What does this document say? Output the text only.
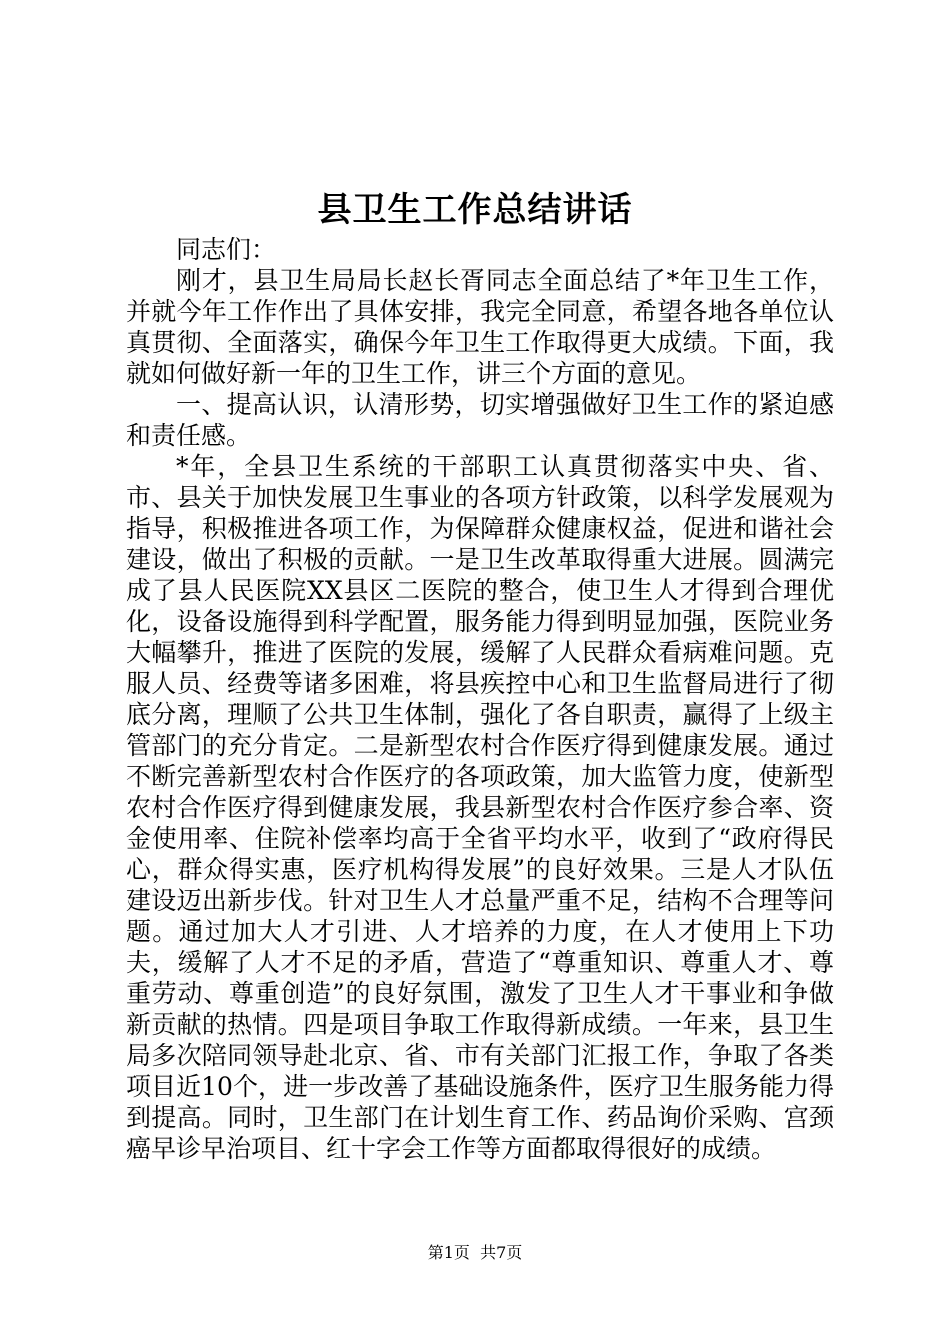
县卫生工作总结讲话

同志们：

刚才，县卫生局局长赵长胥同志全面总结了*年卫生工作，并就今年工作作出了具体安排，我完全同意，希望各地各单位认真贯彻、全面落实，确保今年卫生工作取得更大成绩。下面，我就如何做好新一年的卫生工作，讲三个方面的意见。

一、提高认识，认清形势，切实增强做好卫生工作的紧迫感和责任感。

*年，全县卫生系统的干部职工认真贯彻落实中央、省、市、县关于加快发展卫生事业的各项方针政策，以科学发展观为指导，积极推进各项工作，为保障群众健康权益，促进和谐社会建设，做出了积极的贡献。一是卫生改革取得重大进展。圆满完成了县人民医院XX县区二医院的整合，使卫生人才得到合理优化，设备设施得到科学配置，服务能力得到明显加强，医院业务大幅攀升，推进了医院的发展，缓解了人民群众看病难问题。克服人员、经费等诸多困难，将县疾控中心和卫生监督局进行了彻底分离，理顺了公共卫生体制，强化了各自职责，赢得了上级主管部门的充分肯定。二是新型农村合作医疗得到健康发展。通过不断完善新型农村合作医疗的各项政策，加大监管力度，使新型农村合作医疗得到健康发展，我县新型农村合作医疗参合率、资金使用率、住院补偿率均高于全省平均水平，收到了“政府得民心，群众得实惠，医疗机构得发展”的良好效果。三是人才队伍建设迈出新步伐。针对卫生人才总量严重不足，结构不合理等问题。通过加大人才引进、人才培养的力度，在人才使用上下功夫，缓解了人才不足的矛盾，营造了“尊重知识、尊重人才、尊重劳动、尊重创造”的良好氛围，激发了卫生人才干事业和争做新贡献的热情。四是项目争取工作取得新成绩。一年来，县卫生局多次陪同领导赴北京、省、市有关部门汇报工作，争取了各类项目近10个，进一步改善了基础设施条件，医疗卫生服务能力得到提高。同时，卫生部门在计划生育工作、药品询价采购、宫颈癌早诊早治项目、红十字会工作等方面都取得很好的成绩。

第1页  共7页
